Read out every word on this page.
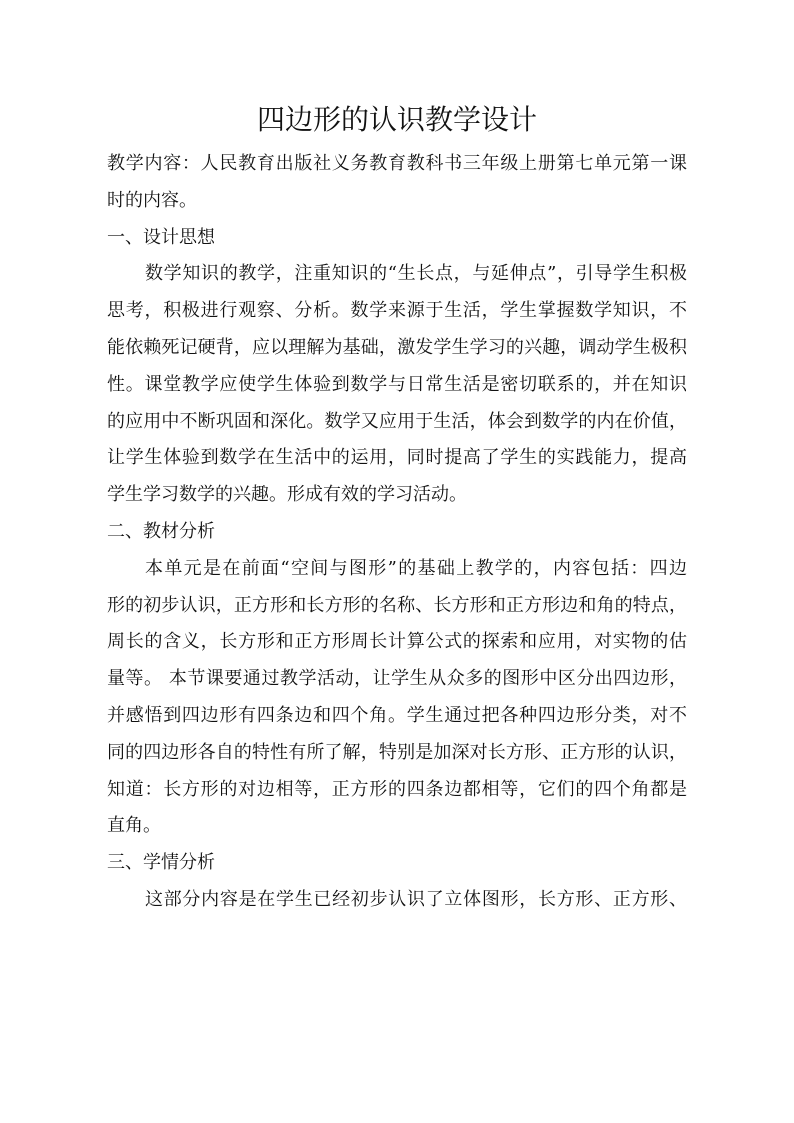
四边形的认识教学设计
教学内容：人民教育出版社义务教育教科书三年级上册第七单元第一课
时的内容。
一、设计思想
数学知识的教学，注重知识的“生长点，与延伸点”，引导学生积极
思考，积极进行观察、分析。数学来源于生活，学生掌握数学知识，不
能依赖死记硬背，应以理解为基础，激发学生学习的兴趣，调动学生极积
性。课堂教学应使学生体验到数学与日常生活是密切联系的，并在知识
的应用中不断巩固和深化。数学又应用于生活，体会到数学的内在价值，
让学生体验到数学在生活中的运用，同时提高了学生的实践能力，提高
学生学习数学的兴趣。形成有效的学习活动。
二、教材分析
本单元是在前面“空间与图形”的基础上教学的，内容包括：四边
形的初步认识，正方形和长方形的名称、长方形和正方形边和角的特点，
周长的含义，长方形和正方形周长计算公式的探索和应用，对实物的估
量等。 本节课要通过教学活动，让学生从众多的图形中区分出四边形，
并感悟到四边形有四条边和四个角。学生通过把各种四边形分类，对不
同的四边形各自的特性有所了解，特别是加深对长方形、正方形的认识，
知道：长方形的对边相等，正方形的四条边都相等，它们的四个角都是
直角。
三、学情分析
这部分内容是在学生已经初步认识了立体图形，长方形、正方形、
